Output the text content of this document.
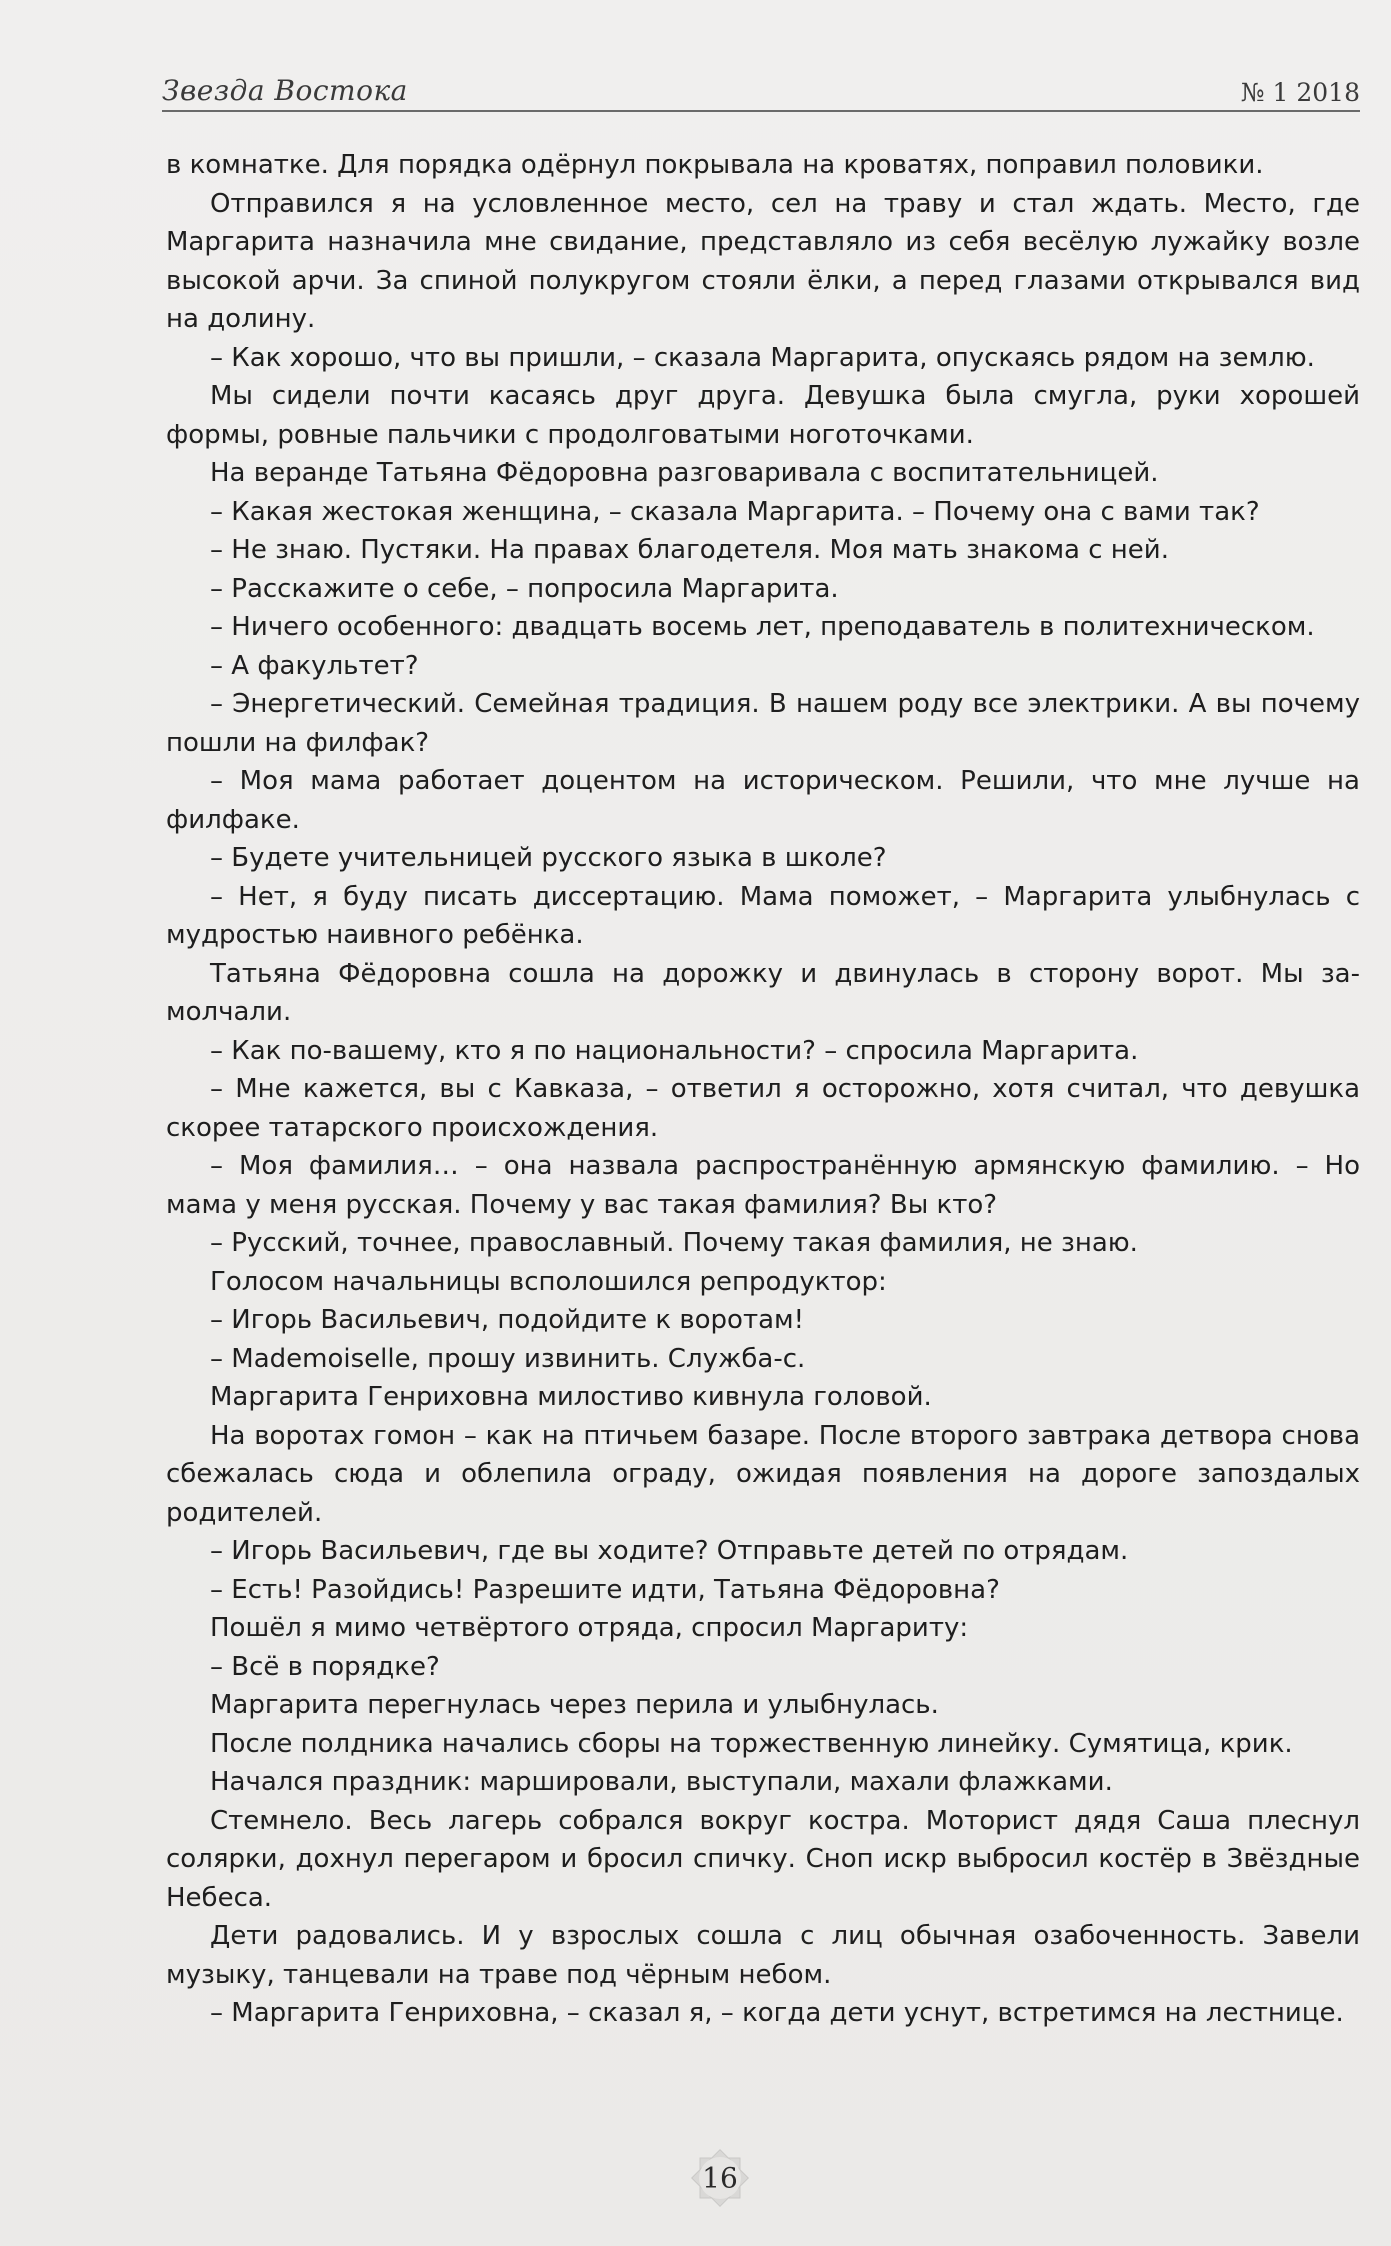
Звезда Востока	№ 1 2018

в комнатке. Для порядка одёрнул покрывала на кроватях, поправил половики.

Отправился я на условленное место, сел на траву и стал ждать. Место, где Маргарита назначила мне свидание, представляло из себя весёлую лужайку возле высокой арчи. За спиной полукругом стояли ёлки, а перед глазами открывался вид на долину.

– Как хорошо, что вы пришли, – сказала Маргарита, опускаясь рядом на землю.

Мы сидели почти касаясь друг друга. Девушка была смугла, руки хорошей формы, ровные пальчики с продолговатыми ноготочками.

На веранде Татьяна Фёдоровна разговаривала с воспитательницей.

– Какая жестокая женщина, – сказала Маргарита. – Почему она с вами так?

– Не знаю. Пустяки. На правах благодетеля. Моя мать знакома с ней.

– Расскажите о себе, – попросила Маргарита.

– Ничего особенного: двадцать восемь лет, преподаватель в политехническом.

– А факультет?

– Энергетический. Семейная традиция. В нашем роду все электрики. А вы почему пошли на филфак?

– Моя мама работает доцентом на историческом. Решили, что мне лучше на филфаке.

– Будете учительницей русского языка в школе?

– Нет, я буду писать диссертацию. Мама поможет, – Маргарита улыбнулась с мудростью наивного ребёнка.

Татьяна Фёдоровна сошла на дорожку и двинулась в сторону ворот. Мы замолчали.

– Как по-вашему, кто я по национальности? – спросила Маргарита.

– Мне кажется, вы с Кавказа, – ответил я осторожно, хотя считал, что девушка скорее татарского происхождения.

– Моя фамилия… – она назвала распространённую армянскую фамилию. – Но мама у меня русская. Почему у вас такая фамилия? Вы кто?

– Русский, точнее, православный. Почему такая фамилия, не знаю.

Голосом начальницы всполошился репродуктор:

– Игорь Васильевич, подойдите к воротам!

– Mademoiselle, прошу извинить. Служба-с.

Маргарита Генриховна милостиво кивнула головой.

На воротах гомон – как на птичьем базаре. После второго завтрака детвора снова сбежалась сюда и облепила ограду, ожидая появления на дороге запоздалых родителей.

– Игорь Васильевич, где вы ходите? Отправьте детей по отрядам.

– Есть! Разойдись! Разрешите идти, Татьяна Фёдоровна?

Пошёл я мимо четвёртого отряда, спросил Маргариту:

– Всё в порядке?

Маргарита перегнулась через перила и улыбнулась.

После полдника начались сборы на торжественную линейку. Сумятица, крик.

Начался праздник: маршировали, выступали, махали флажками.

Стемнело. Весь лагерь собрался вокруг костра. Моторист дядя Саша плеснул солярки, дохнул перегаром и бросил спичку. Сноп искр выбросил костёр в Звёздные Небеса.

Дети радовались. И у взрослых сошла с лиц обычная озабоченность. Завели музыку, танцевали на траве под чёрным небом.

– Маргарита Генриховна, – сказал я, – когда дети уснут, встретимся на лестнице.

16
